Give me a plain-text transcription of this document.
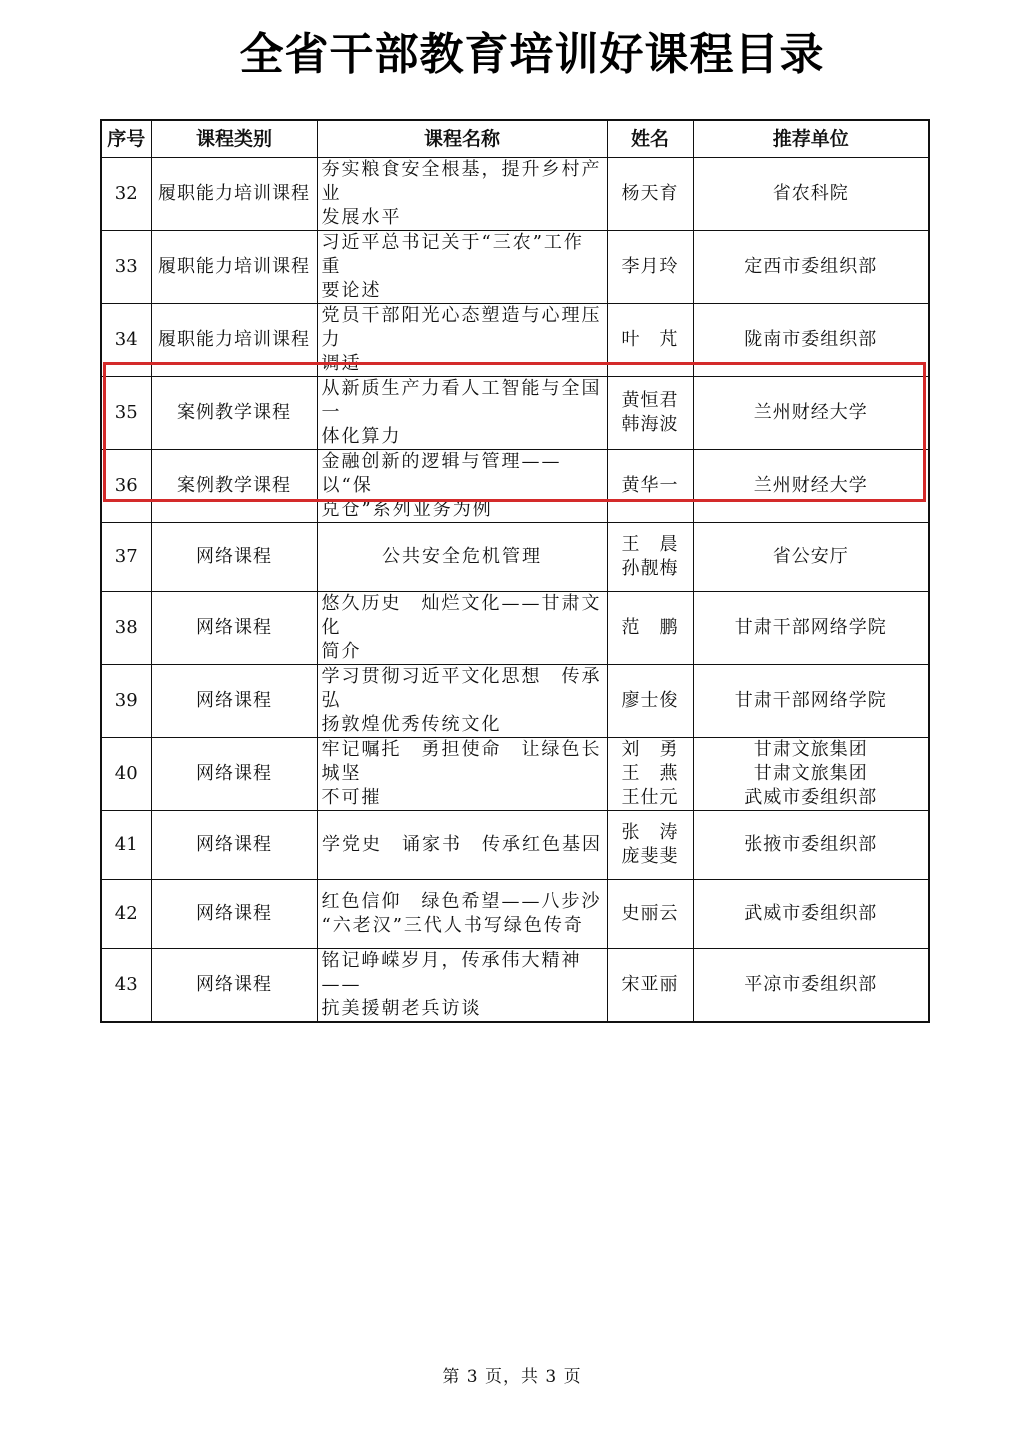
全省干部教育培训好课程目录
序号	课程类别	课程名称	姓名	推荐单位
32	履职能力培训课程	夯实粮食安全根基，提升乡村产业
发展水平	杨天育	省农科院

33	履职能力培训课程	习近平总书记关于“三农”工作重
要论述	李月玲	定西市委组织部

34	履职能力培训课程	党员干部阳光心态塑造与心理压力
调适	叶　芃	陇南市委组织部

35	案例教学课程	从新质生产力看人工智能与全国一
体化算力	黄恒君
韩海波	兰州财经大学

36	案例教学课程	金融创新的逻辑与管理——以“保
兑仓”系列业务为例	黄华一	兰州财经大学

37	网络课程	公共安全危机管理	王　晨
孙靓梅	省公安厅

38	网络课程	悠久历史　灿烂文化——甘肃文化
简介	范　鹏	甘肃干部网络学院

39	网络课程	学习贯彻习近平文化思想　传承弘
扬敦煌优秀传统文化	廖士俊	甘肃干部网络学院

40	网络课程	牢记嘱托　勇担使命　让绿色长城坚
不可摧	刘　勇
王　燕
王仕元	甘肃文旅集团
甘肃文旅集团
武威市委组织部

41	网络课程	学党史　诵家书　传承红色基因	张　涛
庞斐斐	张掖市委组织部

42	网络课程	红色信仰　绿色希望——八步沙
“六老汉”三代人书写绿色传奇	史丽云	武威市委组织部

43	网络课程	铭记峥嵘岁月，传承伟大精神——
抗美援朝老兵访谈	宋亚丽	平凉市委组织部
第 3 页，共 3 页
